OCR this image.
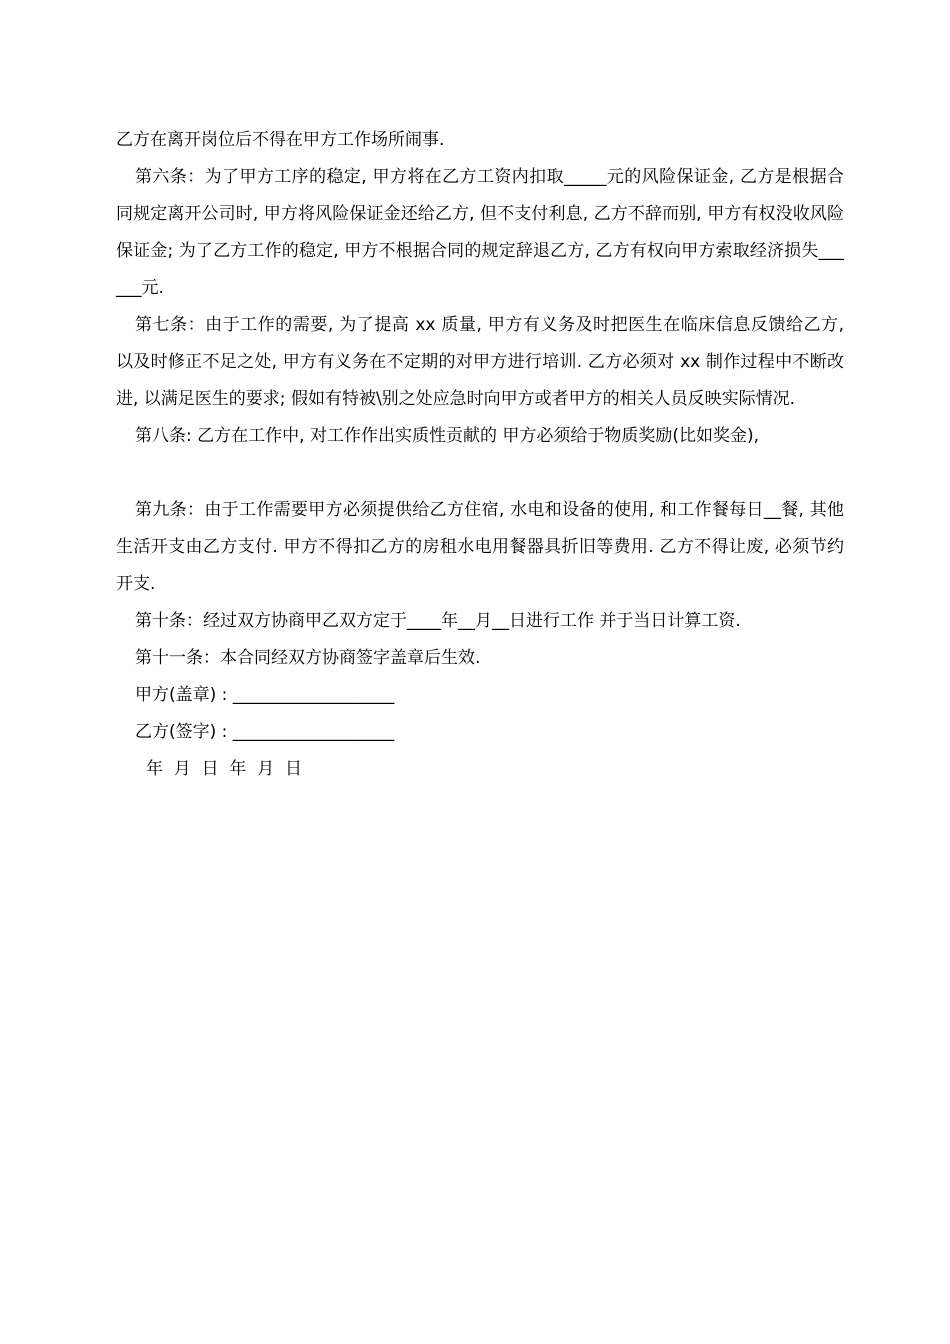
乙方在离开岗位后不得在甲方工作场所闹事.

第六条：为了甲方工序的稳定, 甲方将在乙方工资内扣取_____元的风险保证金, 乙方是根据合同规定离开公司时, 甲方将风险保证金还给乙方, 但不支付利息, 乙方不辞而别, 甲方有权没收风险保证金; 为了乙方工作的稳定, 甲方不根据合同的规定辞退乙方, 乙方有权向甲方索取经济损失______元.

第七条：由于工作的需要, 为了提高 xx 质量, 甲方有义务及时把医生在临床信息反馈给乙方, 以及时修正不足之处, 甲方有义务在不定期的对甲方进行培训. 乙方必须对 xx 制作过程中不断改进, 以满足医生的要求; 假如有特被\别之处应急时向甲方或者甲方的相关人员反映实际情况.

第八条: 乙方在工作中, 对工作作出实质性贡献的 甲方必须给于物质奖励(比如奖金),

第九条：由于工作需要甲方必须提供给乙方住宿, 水电和设备的使用, 和工作餐每日__餐, 其他生活开支由乙方支付. 甲方不得扣乙方的房租水电用餐器具折旧等费用. 乙方不得让废, 必须节约开支.

第十条：经过双方协商甲乙双方定于____年__月__日进行工作 并于当日计算工资.

第十一条：本合同经双方协商签字盖章后生效.

甲方(盖章) : ___________________

乙方(签字) : ___________________

年  月  日  年  月  日
